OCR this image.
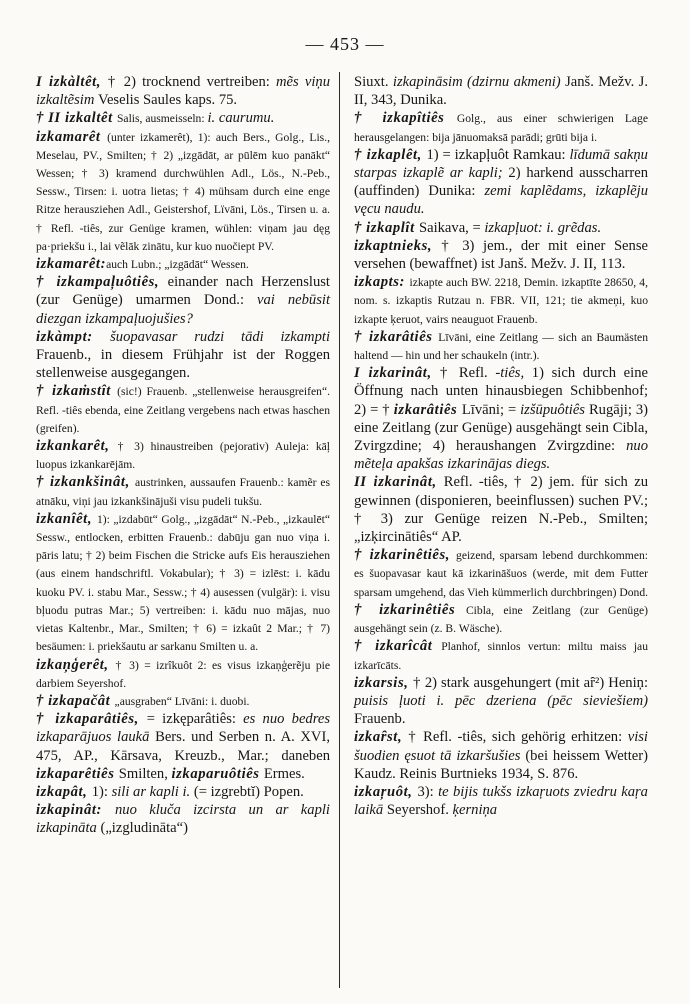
— 453 —

I izkàltêt, † 2) trocknend vertreiben: mẽs viņu izkaltẽsim Veselis Saules kaps. 75.

† II izkaltêt Salis, ausmeisseln: i. caurumu.

izkamarêt (unter izkamerêt), 1): auch Bers., Golg., Lis., Meselau, PV., Smilten; † 2) „izgādāt, ar pūlēm kuo panākt“ Wessen; † 3) kramend durchwühlen Adl., Lös., N.-Peb., Sessw., Tirsen: i. uotra lietas; † 4) mühsam durch eine enge Ritze herausziehen Adl., Geistershof, Lïvāni, Lös., Tirsen u. a. † Refl. -tiês, zur Genüge kramen, wühlen: viņam jau dęg pa·priekšu i., lai vẽlāk zinātu, kur kuo nuočiept PV.

izkamarêt:auch Lubn.; „izgādāt“ Wessen.

† izkampaļuôtiês, einander nach Herzenslust (zur Genüge) umarmen Dond.: vai nebūsit diezgan izkampaļuojušies?

izkàmpt: šuopavasar rudzi tādi izkampti Frauenb., in diesem Frühjahr ist der Roggen stellenweise ausgegangen.

† izkaṁstît (sic!) Frauenb. „stellenweise herausgreifen“. Refl. -tiês ebenda, eine Zeitlang vergebens nach etwas haschen (greifen).

izkankarêt, † 3) hinaustreiben (pejorativ) Auleja: kāļ luopus izkankarējām.

† izkankšinât, austrinken, aussaufen Frauenb.: kamẽr es atnāku, viņi jau izkankšinājuši visu pudeli tukšu.

izkanîêt, 1): „izdabūt“ Golg., „izgādāt“ N.-Peb., „izkaulēt“ Sessw., entlocken, erbitten Frauenb.: dabūju gan nuo viņa i. pāris latu; † 2) beim Fischen die Stricke aufs Eis herausziehen (aus einem handschriftl. Vokabular); † 3) = izlēst: i. kādu kuoku PV. i. stabu Mar., Sessw.; † 4) ausessen (vulgär): i. visu bļuodu putras Mar.; 5) vertreiben: i. kādu nuo mājas, nuo vietas Kaltenbr., Mar., Smilten; † 6) = izkaût 2 Mar.; † 7) besäumen: i. priekšautu ar sarkanu Smilten u. a.

izkaņģerêt, † 3) = izrîkuôt 2: es visus izkaņģerẽju pie darbiem Seyershof.

† izkapačât „ausgraben“ Līvāni: i. duobi.

† izkaparâtiês, = izkęparâtiês: es nuo bedres izkaparājuos laukā Bers. und Serben n. A. XVI, 475, AP., Kārsava, Kreuzb., Mar.; daneben izkaparêtiês Smilten, izkaparuôtiês Ermes.

izkapât, 1): sili ar kapli i. (= izgrebtĭ) Popen.

izkapinât: nuo kluča izcirsta un ar kapli izkapināta („izgludināta“)

Siuxt. izkapināsim (dzirnu akmeni) Janš. Mežv. J. II, 343, Dunika.

† izkapîtiês Golg., aus einer schwierigen Lage herausgelangen: bija jānuomaksā parādi; grūti bija i.

† izkaplêt, 1) = izkapļuôt Ramkau: līdumā sakņu starpas izkaplẽ ar kapli; 2) harkend ausscharren (auffinden) Dunika: zemi kaplẽdams, izkaplẽju vęcu naudu.

† izkaplît Saikava, = izkapļuot: i. grẽdas.

izkaptnieks, † 3) jem., der mit einer Sense versehen (bewaffnet) ist Janš. Mežv. J. II, 113.

izkapts: izkapte auch BW. 2218, Demin. izkaptīte 28650, 4, nom. s. izkaptis Rutzau n. FBR. VII, 121; tie akmeņi, kuo izkapte ķeruot, vairs neauguot Frauenb.

† izkarâtiês Līvāni, eine Zeitlang — sich an Baumästen haltend — hin und her schaukeln (intr.).

I izkarinât, † Refl. -tiês, 1) sich durch eine Öffnung nach unten hinausbiegen Schibbenhof; 2) = † izkarâtiês Līvāni; = izšūpuôtiês Rugāji; 3) eine Zeitlang (zur Genüge) ausgehängt sein Cibla, Zvirgzdine; 4) heraushangen Zvirgzdine: nuo mẽteļa apakšas izkarinājas diegs.

II izkarinât, Refl. -tiês, † 2) jem. für sich zu gewinnen (disponieren, beeinflussen) suchen PV.; † 3) zur Genüge reizen N.-Peb., Smilten; „izķircinātiês“ AP.

† izkarinêtiês, geizend, sparsam lebend durchkommen: es šuopavasar kaut kā izkarināšuos (werde, mit dem Futter sparsam umgehend, das Vieh kümmerlich durchbringen) Dond.

† izkarinêtiês Cibla, eine Zeitlang (zur Genüge) ausgehängt sein (z. B. Wäsche).

† izkarîcât Planhof, sinnlos vertun: miltu maiss jau izkarīcāts.

izkarsis, † 2) stark ausgehungert (mit aȓ²) Heniņ: puisis ļuoti i. pēc dzeriena (pēc sieviešiem) Frauenb.

izkaȓst, † Refl. -tiês, sich gehörig erhitzen: visi šuodien ęsuot tā izkaršušies (bei heissem Wetter) Kaudz. Reinis Burtnieks 1934, S. 876.

izkaŗuôt, 3): te bijis tukšs izkaŗuots zviedru kaŗa laikā Seyershof. ķerniņa
